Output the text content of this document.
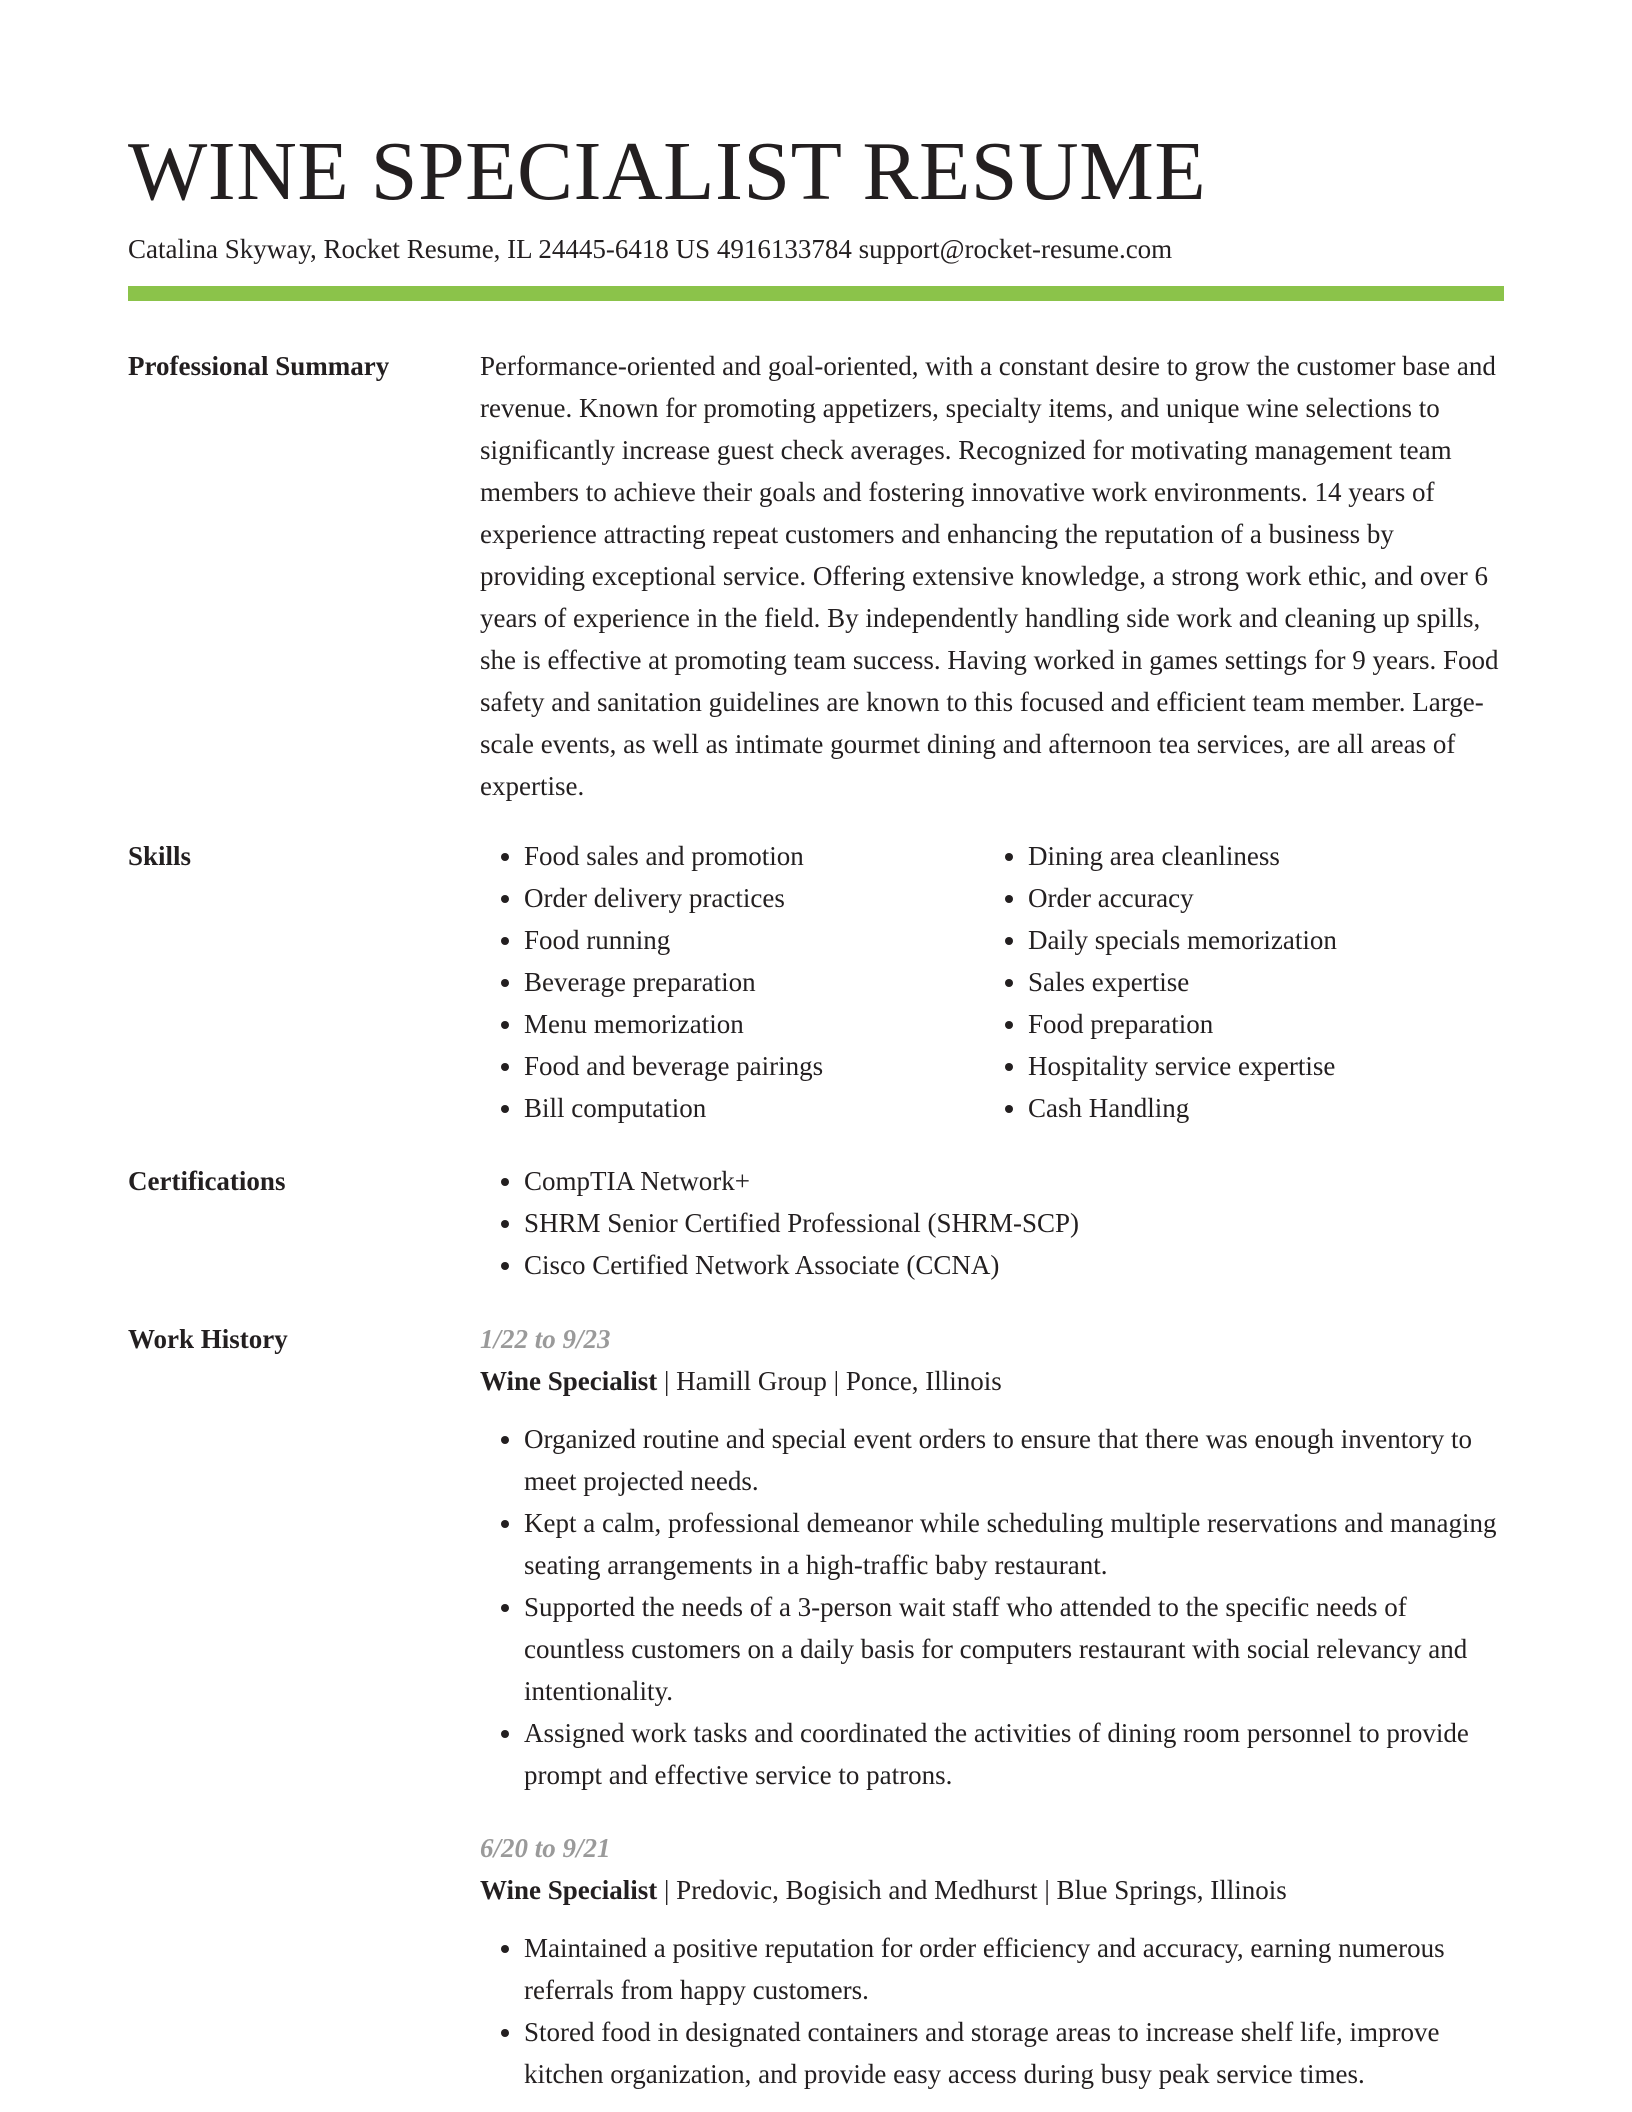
WINE SPECIALIST RESUME
Catalina Skyway, Rocket Resume, IL 24445-6418 US 4916133784 support@rocket-resume.com
Professional Summary	Performance-oriented and goal-oriented, with a constant desire to grow the customer base and revenue. Known for promoting appetizers, specialty items, and unique wine selections to significantly increase guest check averages. Recognized for motivating management team members to achieve their goals and fostering innovative work environments. 14 years of experience attracting repeat customers and enhancing the reputation of a business by providing exceptional service. Offering extensive knowledge, a strong work ethic, and over 6 years of experience in the field. By independently handling side work and cleaning up spills, she is effective at promoting team success. Having worked in games settings for 9 years. Food safety and sanitation guidelines are known to this focused and efficient team member. Large-scale events, as well as intimate gourmet dining and afternoon tea services, are all areas of expertise.

Skills	• Food sales and promotion
• Order delivery practices
• Food running
• Beverage preparation
• Menu memorization
• Food and beverage pairings
• Bill computation
• Dining area cleanliness
• Order accuracy
• Daily specials memorization
• Sales expertise
• Food preparation
• Hospitality service expertise
• Cash Handling
Certifications	• CompTIA Network+
• SHRM Senior Certified Professional (SHRM-SCP)
• Cisco Certified Network Associate (CCNA)
Work History	1/22 to 9/23
Wine Specialist | Hamill Group | Ponce, Illinois
• Organized routine and special event orders to ensure that there was enough inventory to meet projected needs.
• Kept a calm, professional demeanor while scheduling multiple reservations and managing seating arrangements in a high-traffic baby restaurant.
• Supported the needs of a 3-person wait staff who attended to the specific needs of countless customers on a daily basis for computers restaurant with social relevancy and intentionality.
• Assigned work tasks and coordinated the activities of dining room personnel to provide prompt and effective service to patrons.
6/20 to 9/21
Wine Specialist | Predovic, Bogisich and Medhurst | Blue Springs, Illinois
• Maintained a positive reputation for order efficiency and accuracy, earning numerous referrals from happy customers.
• Stored food in designated containers and storage areas to increase shelf life, improve kitchen organization, and provide easy access during busy peak service times.
